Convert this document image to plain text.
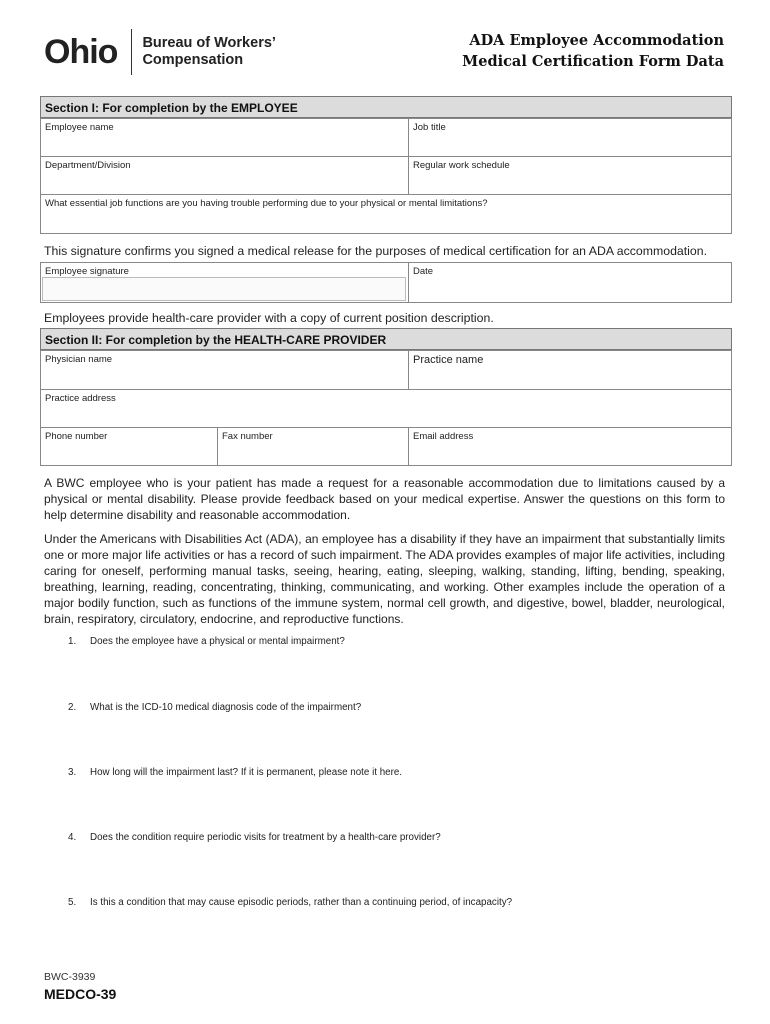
Ohio Bureau of Workers’
Compensation
ADA Employee Accommodation
Medical Certification Form Data
Section I: For completion by the EMPLOYEE
Employee name	Job title
Department/Division	Regular work schedule
What essential job functions are you having trouble performing due to your physical or mental limitations?
This signature confirms you signed a medical release for the purposes of medical certification for an ADA accommodation.
Employee signature	Date
Employees provide health-care provider with a copy of current position description.
Section II: For completion by the HEALTH-CARE PROVIDER
Physician name	Practice name
Practice address
Phone number	Fax number	Email address
A BWC employee who is your patient has made a request for a reasonable accommodation due to limitations caused by a physical or mental disability. Please provide feedback based on your medical expertise. Answer the questions on this form to help determine disability and reasonable accommodation.
Under the Americans with Disabilities Act (ADA), an employee has a disability if they have an impairment that substantially limits one or more major life activities or has a record of such impairment. The ADA provides examples of major life activities, including caring for oneself, performing manual tasks, seeing, hearing, eating, sleeping, walking, standing, lifting, bending, speaking, breathing, learning, reading, concentrating, thinking, communicating, and working. Other examples include the operation of a major bodily function, such as functions of the immune system, normal cell growth, and digestive, bowel, bladder, neurological, brain, respiratory, circulatory, endocrine, and reproductive functions.
1. Does the employee have a physical or mental impairment?
2. What is the ICD-10 medical diagnosis code of the impairment?
3. How long will the impairment last? If it is permanent, please note it here.
4. Does the condition require periodic visits for treatment by a health-care provider?
5. Is this a condition that may cause episodic periods, rather than a continuing period, of incapacity?
BWC-3939
MEDCO-39
